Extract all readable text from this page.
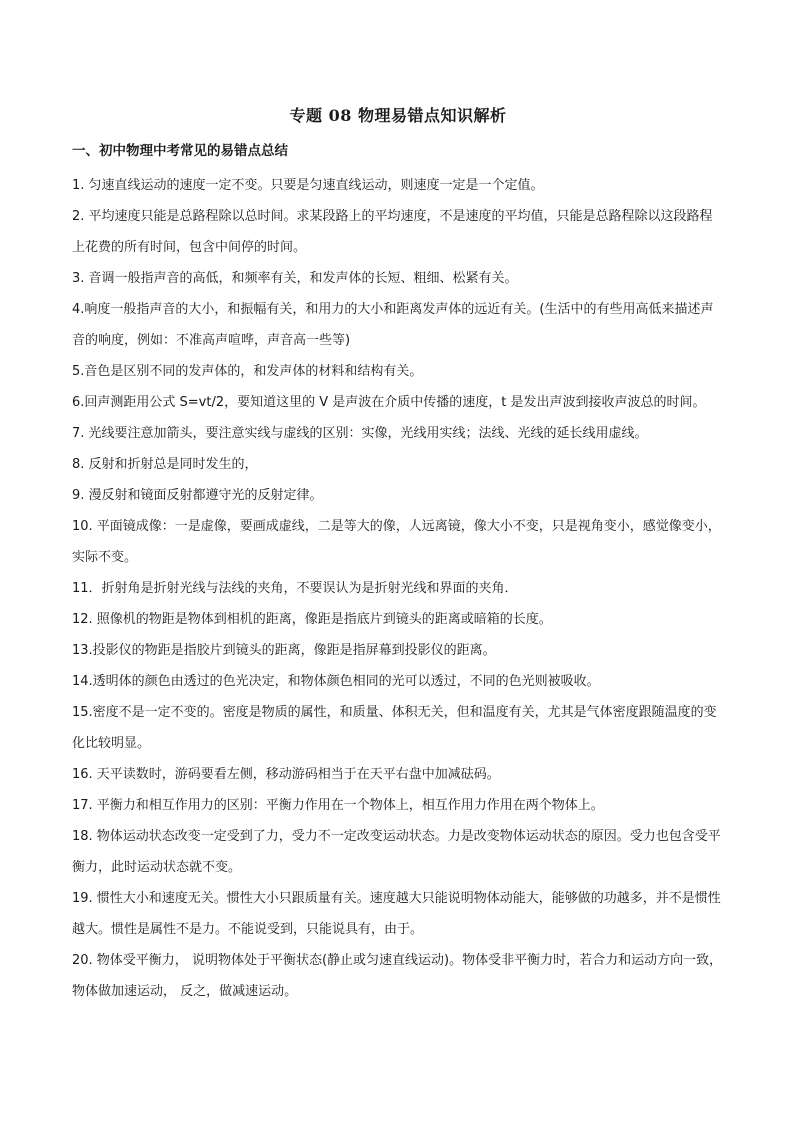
专题 08 物理易错点知识解析
一、初中物理中考常见的易错点总结

1. 匀速直线运动的速度一定不变。只要是匀速直线运动，则速度一定是一个定值。

2. 平均速度只能是总路程除以总时间。求某段路上的平均速度，不是速度的平均值，只能是总路程除以这段路程上花费的所有时间，包含中间停的时间。

3. 音调一般指声音的高低，和频率有关，和发声体的长短、粗细、松紧有关。

4.响度一般指声音的大小，和振幅有关，和用力的大小和距离发声体的远近有关。(生活中的有些用高低来描述声音的响度，例如：不准高声喧哗，声音高一些等)

5.音色是区别不同的发声体的，和发声体的材料和结构有关。

6.回声测距用公式 S=vt/2，要知道这里的 V 是声波在介质中传播的速度，t 是发出声波到接收声波总的时间。

7. 光线要注意加箭头，要注意实线与虚线的区别：实像，光线用实线；法线、光线的延长线用虚线。

8. 反射和折射总是同时发生的，

9. 漫反射和镜面反射都遵守光的反射定律。

10. 平面镜成像：一是虚像，要画成虚线，二是等大的像，人远离镜，像大小不变，只是视角变小，感觉像变小，实际不变。

11．折射角是折射光线与法线的夹角，不要误认为是折射光线和界面的夹角．

12. 照像机的物距是物体到相机的距离，像距是指底片到镜头的距离或暗箱的长度。

13.投影仪的物距是指胶片到镜头的距离，像距是指屏幕到投影仪的距离。

14.透明体的颜色由透过的色光决定，和物体颜色相同的光可以透过，不同的色光则被吸收。

15.密度不是一定不变的。密度是物质的属性，和质量、体积无关，但和温度有关，尤其是气体密度跟随温度的变化比较明显。

16. 天平读数时，游码要看左侧，移动游码相当于在天平右盘中加减砝码。

17. 平衡力和相互作用力的区别：平衡力作用在一个物体上，相互作用力作用在两个物体上。

18. 物体运动状态改变一定受到了力，受力不一定改变运动状态。力是改变物体运动状态的原因。受力也包含受平衡力，此时运动状态就不变。

19. 惯性大小和速度无关。惯性大小只跟质量有关。速度越大只能说明物体动能大，能够做的功越多，并不是惯性越大。惯性是属性不是力。不能说受到，只能说具有，由于。

20. 物体受平衡力， 说明物体处于平衡状态(静止或匀速直线运动)。物体受非平衡力时，若合力和运动方向一致，物体做加速运动， 反之，做减速运动。
